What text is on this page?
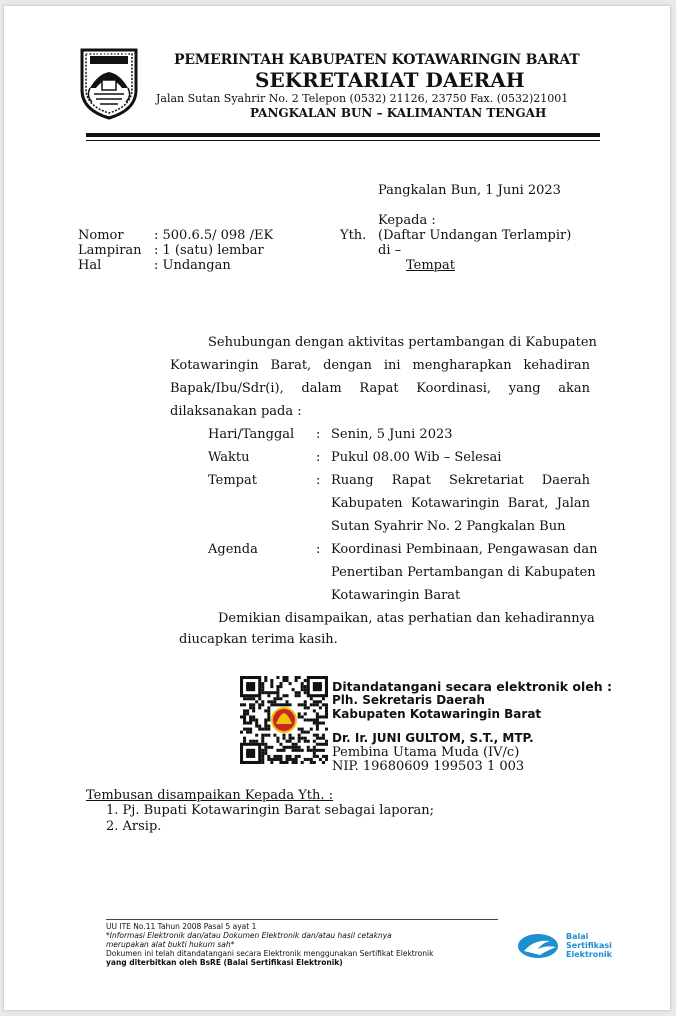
KOTAWARINGIN BARAT	PEMERINTAH KABUPATEN KOTAWARINGIN BARAT
SEKRETARIAT DAERAH
Jalan Sutan Syahrir No. 2 Telepon (0532) 21126, 23750 Fax. (0532)21001
PANGKALAN BUN – KALIMANTAN TENGAH
Pangkalan Bun, 1 Juni 2023
Nomor : 500.6.5/ 098 /EK
Lampiran : 1 (satu) lembar
Hal	: Undangan
Kepada :
Yth. (Daftar Undangan Terlampir)
di –
Tempat
Sehubungan dengan aktivitas pertambangan di Kabupaten
Kotawaringin Barat, dengan ini mengharapkan kehadiran
Bapak/Ibu/Sdr(i), dalam Rapat Koordinasi, yang akan
dilaksanakan pada :
Hari/Tanggal : Senin, 5 Juni 2023
Waktu	: Pukul 08.00 Wib – Selesai
Tempat	: Ruang Rapat Sekretariat Daerah
Kabupaten Kotawaringin Barat, Jalan
Sutan Syahrir No. 2 Pangkalan Bun
Agenda	: Koordinasi Pembinaan, Pengawasan dan
Penertiban Pertambangan di Kabupaten
Kotawaringin Barat
Demikian disampaikan, atas perhatian dan kehadirannya
diucapkan terima kasih.
Ditandatangani secara elektronik oleh :
Plh. Sekretaris Daerah
Kabupaten Kotawaringin Barat
Dr. Ir. JUNI GULTOM, S.T., MTP.
Pembina Utama Muda (IV/c)
NIP. 19680609 199503 1 003
Tembusan disampaikan Kepada Yth. :
1. Pj. Bupati Kotawaringin Barat sebagai laporan;
2. Arsip.
UU ITE No.11 Tahun 2008 Pasal 5 ayat 1
*Informasi Elektronik dan/atau Dokumen Elektronik dan/atau hasil cetaknya
merupakan alat bukti hukum sah*
Dokumen ini telah ditandatangani secara Elektronik menggunakan Sertifikat Elektronik
yang diterbitkan oleh BsRE (Balai Sertifikasi Elektronik)
Balai
Sertifikasi
Elektronik
